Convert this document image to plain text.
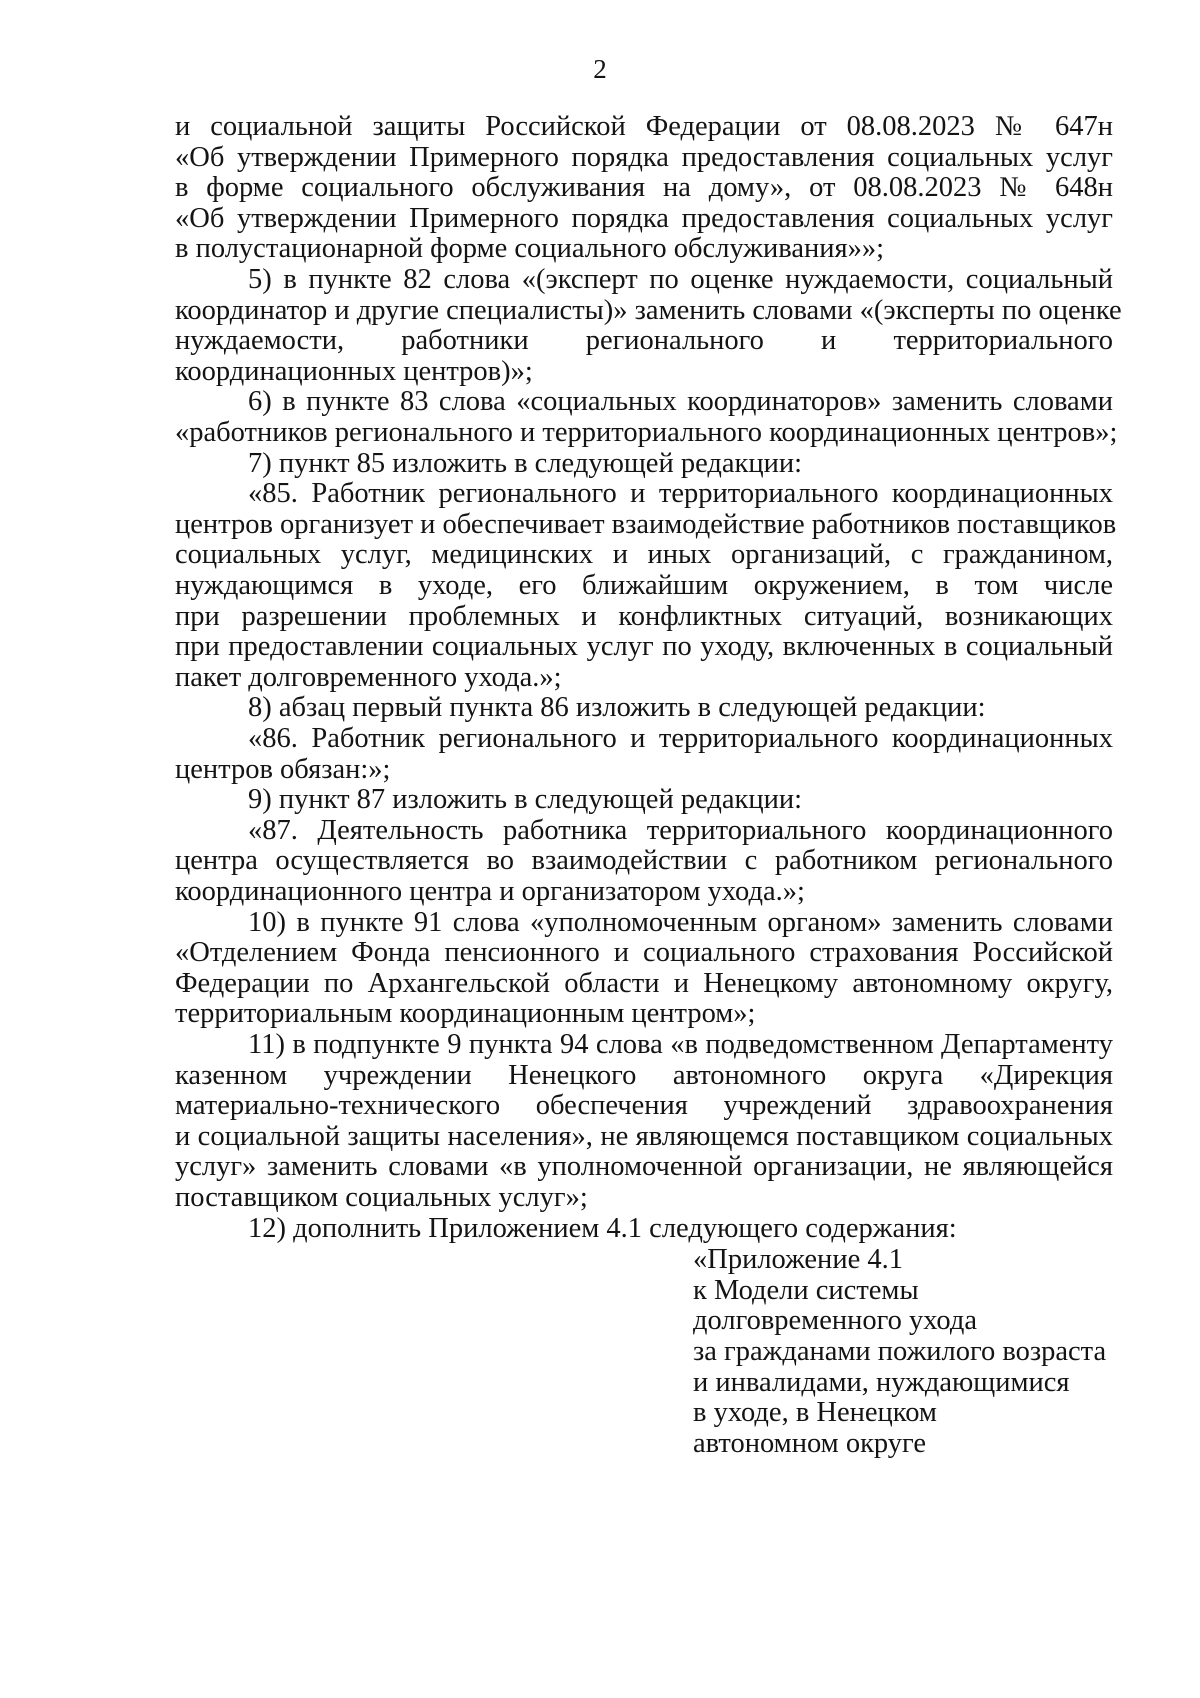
2
и социальной защиты Российской Федерации от 08.08.2023 № 647н
«Об утверждении Примерного порядка предоставления социальных услуг
в форме социального обслуживания на дому», от 08.08.2023 № 648н
«Об утверждении Примерного порядка предоставления социальных услуг
в полустационарной форме социального обслуживания»»;
5) в пункте 82 слова «(эксперт по оценке нуждаемости, социальный
координатор и другие специалисты)» заменить словами «(эксперты по оценке
нуждаемости, работники регионального и территориального
координационных центров)»;
6) в пункте 83 слова «социальных координаторов» заменить словами
«работников регионального и территориального координационных центров»;
7) пункт 85 изложить в следующей редакции:
«85. Работник регионального и территориального координационных
центров организует и обеспечивает взаимодействие работников поставщиков
социальных услуг, медицинских и иных организаций, с гражданином,
нуждающимся в уходе, его ближайшим окружением, в том числе
при разрешении проблемных и конфликтных ситуаций, возникающих
при предоставлении социальных услуг по уходу, включенных в социальный
пакет долговременного ухода.»;
8) абзац первый пункта 86 изложить в следующей редакции:
«86. Работник регионального и территориального координационных
центров обязан:»;
9) пункт 87 изложить в следующей редакции:
«87. Деятельность работника территориального координационного
центра осуществляется во взаимодействии с работником регионального
координационного центра и организатором ухода.»;
10) в пункте 91 слова «уполномоченным органом» заменить словами
«Отделением Фонда пенсионного и социального страхования Российской
Федерации по Архангельской области и Ненецкому автономному округу,
территориальным координационным центром»;
11) в подпункте 9 пункта 94 слова «в подведомственном Департаменту
казенном учреждении Ненецкого автономного округа «Дирекция
материально-технического обеспечения учреждений здравоохранения
и социальной защиты населения», не являющемся поставщиком социальных
услуг» заменить словами «в уполномоченной организации, не являющейся
поставщиком социальных услуг»;
12) дополнить Приложением 4.1 следующего содержания:
«Приложение 4.1
к Модели системы
долговременного ухода
за гражданами пожилого возраста
и инвалидами, нуждающимися
в уходе, в Ненецком
автономном округе
